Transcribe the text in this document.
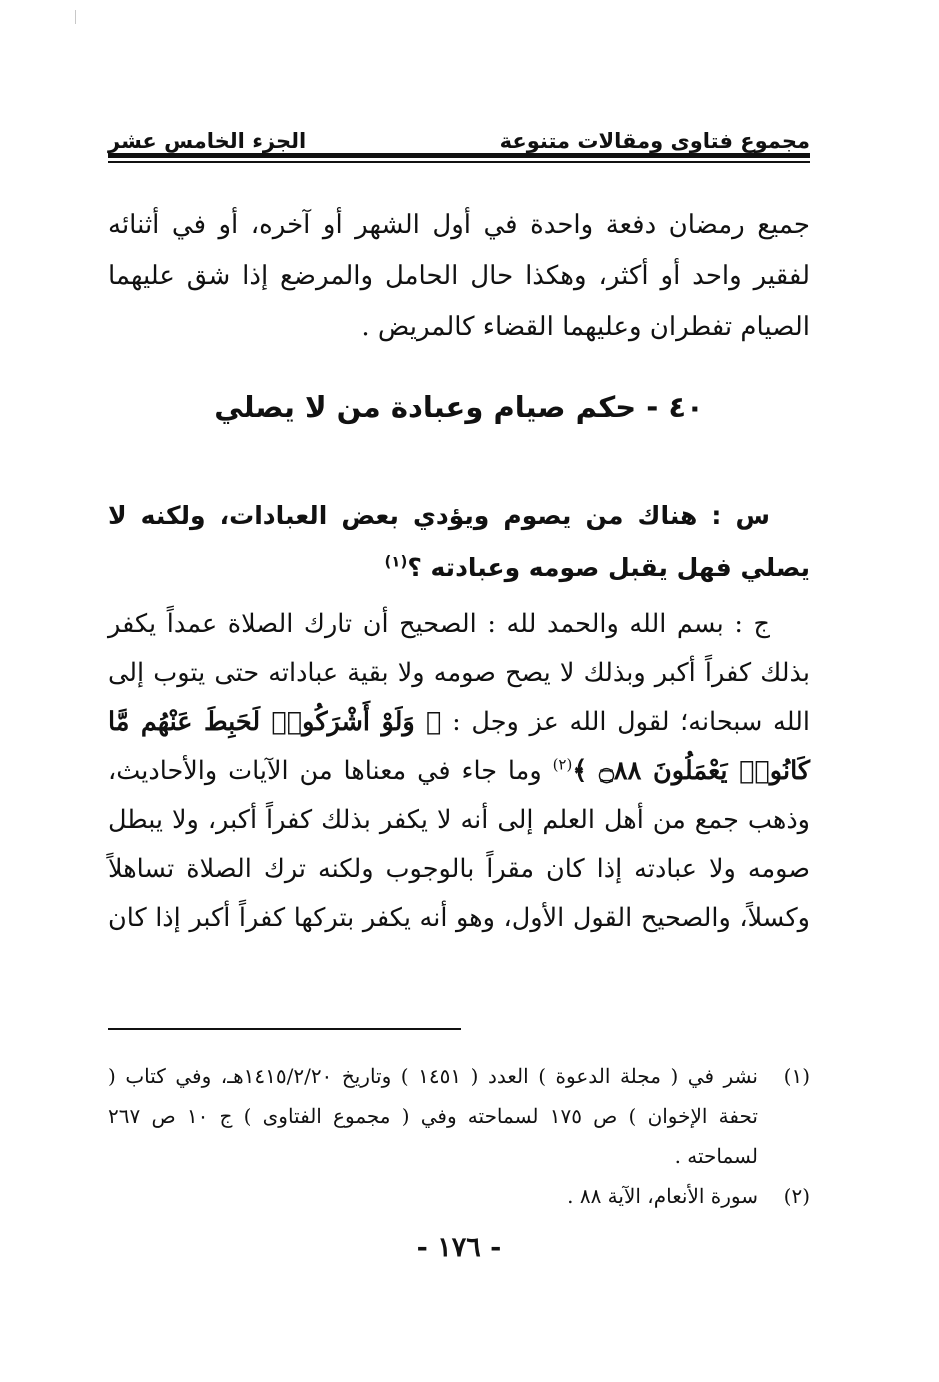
مجموع فتاوى ومقالات متنوعة
الجزء الخامس عشر

جميع رمضان دفعة واحدة في أول الشهر أو آخره، أو في أثنائه لفقير واحد أو أكثر، وهكذا حال الحامل والمرضع إذا شق عليهما الصيام تفطران وعليهما القضاء كالمريض .

٤٠ - حكم صيام وعبادة من لا يصلي

س : هناك من يصوم ويؤدي بعض العبادات، ولكنه لا يصلي فهل يقبل صومه وعبادته ؟$^{(١)}$

ج : بسم الله والحمد لله : الصحيح أن تارك الصلاة عمداً يكفر بذلك كفراً أكبر وبذلك لا يصح صومه ولا بقية عباداته حتى يتوب إلى الله سبحانه؛ لقول الله عز وجل : ﴿ وَلَوْ أَشْرَكُوا۟ لَحَبِطَ عَنْهُم مَّا كَانُوا۟ يَعْمَلُونَ ۝٨٨ ﴾$^{(٢)}$ وما جاء في معناها من الآيات والأحاديث، وذهب جمع من أهل العلم إلى أنه لا يكفر بذلك كفراً أكبر، ولا يبطل صومه ولا عبادته إذا كان مقراً بالوجوب ولكنه ترك الصلاة تساهلاً وكسلاً، والصحيح القول الأول، وهو أنه يكفر بتركها كفراً أكبر إذا كان

(١)
نشر في ( مجلة الدعوة ) العدد ( ١٤٥١ ) وتاريخ ١٤١٥/٢/٢٠هـ، وفي كتاب ( تحفة الإخوان ) ص ١٧٥ لسماحته وفي ( مجموع الفتاوى ) ج ١٠ ص ٢٦٧ لسماحته .
(٢)
سورة الأنعام، الآية ٨٨ .
- ١٧٦ -
